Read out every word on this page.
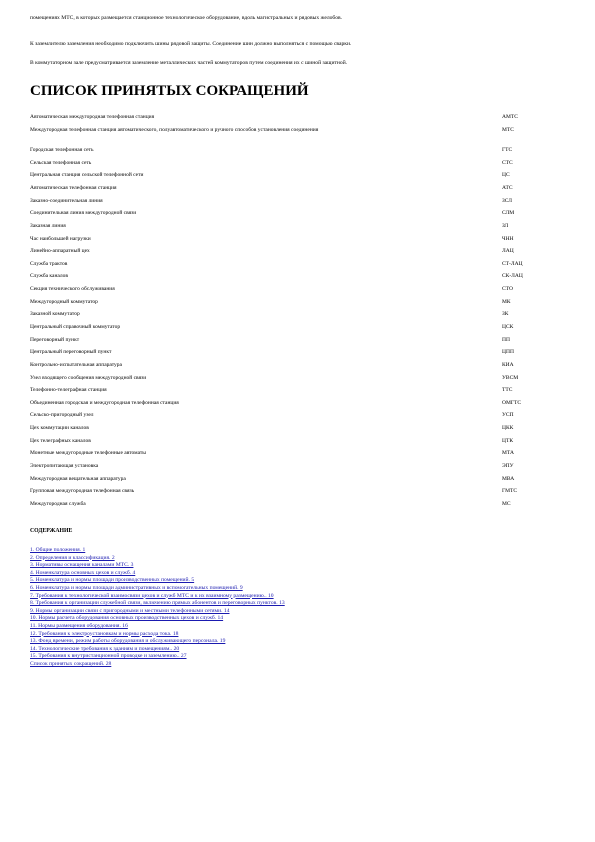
помещениях МТС, в которых размещается станционное технологическое оборудование, вдоль магистральных и рядовых желобов.

К заземлителю заземления необходимо подключить шины рядовой защиты. Соединение шин должно выполняться с помощью сварки.

В коммутаторном зале предусматривается заземление металлических частей коммутаторов путем соединения их с шиной защитной.

СПИСОК ПРИНЯТЫХ СОКРАЩЕНИЙ
Автоматическая междугородная телефонная станция	АМТС
Междугородная телефонная станция автоматического, полуавтоматического и ручного способов установления соединения	МТС
Городская телефонная сеть	ГТС
Сельская телефонная сеть	СТС
Центральная станция сельской телефонной сети	ЦС
Автоматическая телефонная станция	АТС
Заказно-соединительная линия	ЗСЛ
Соединительная линия междугородной связи	СЛМ
Заказная линия	ЗЛ
Час наибольшей нагрузки	ЧНН
Линейно-аппаратный цех	ЛАЦ
Служба трактов	СТ-ЛАЦ
Служба каналов	СК-ЛАЦ
Секция технического обслуживания	СТО
Междугородный коммутатор	МК
Заказной коммутатор	ЗК
Центральный справочный коммутатор	ЦСК
Переговорный пункт	ПП
Центральный переговорный пункт	ЦПП
Контрольно-испытательная аппаратура	КИА
Узел входящего сообщения междугородной связи	УВСМ
Телефонно-телеграфная станция	ТТС
Объединенная городская и междугородная телефонная станция	ОМГТС
Сельско-пригородный узел	УСП
Цех коммутации каналов	ЦКК
Цех телеграфных каналов	ЦТК
Монетные междугородные телефонные автоматы	МТА
Электропитающая установка	ЭПУ
Междугородная вещательная аппаратура	МВА
Групповая междугородная телефонная связь	ГМТС
Междугородная служба	МС

СОДЕРЖАНИЕ

1. Общие положения. 1
2. Определения и классификация. 2
3. Нормативы оснащения каналами МТС. 3
4. Номенклатура основных цехов и служб. 4
5. Номенклатура и нормы площади производственных помещений. 5
6. Номенклатура и нормы площади административных и вспомогательных помещений. 9
7. Требования к технологической взаимосвязи цехов и служб МТС и к их взаимному размещению.. 10
8. Требования к организации служебной связи, включению прямых абонентов и переговорных пунктов. 13
9. Нормы организации связи с пригородными и местными телефонными сетями. 14
10. Нормы расчета оборудования основных производственных цехов и служб. 14
11. Нормы размещения оборудования. 16
12. Требования к электроустановкам и нормы расхода тока. 18
13. Фонд времени, режим работы оборудования и обслуживающего персонала. 19
14. Технологические требования к зданиям и помещениям.. 20
15. Требования к внутристанционной проводке и заземлению.. 27
Список принятых сокращений. 28
